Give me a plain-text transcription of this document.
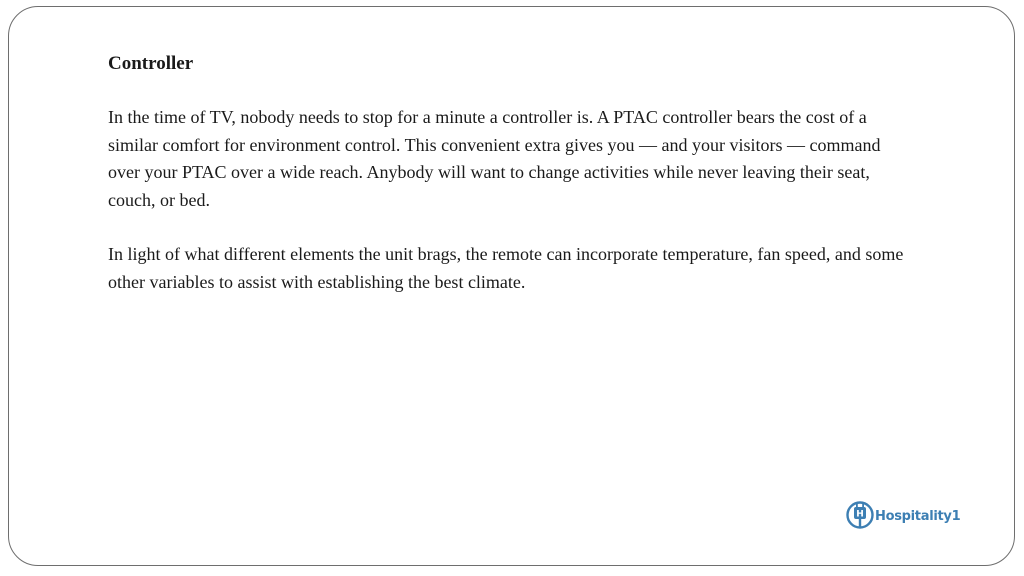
Controller

In the time of TV, nobody needs to stop for a minute a controller is. A PTAC controller bears the cost of a similar comfort for environment control. This convenient extra gives you — and your visitors — command over your PTAC over a wide reach. Anybody will want to change activities while never leaving their seat, couch, or bed.

In light of what different elements the unit brags, the remote can incorporate temperature, fan speed, and some other variables to assist with establishing the best climate.

H Hospitality1
